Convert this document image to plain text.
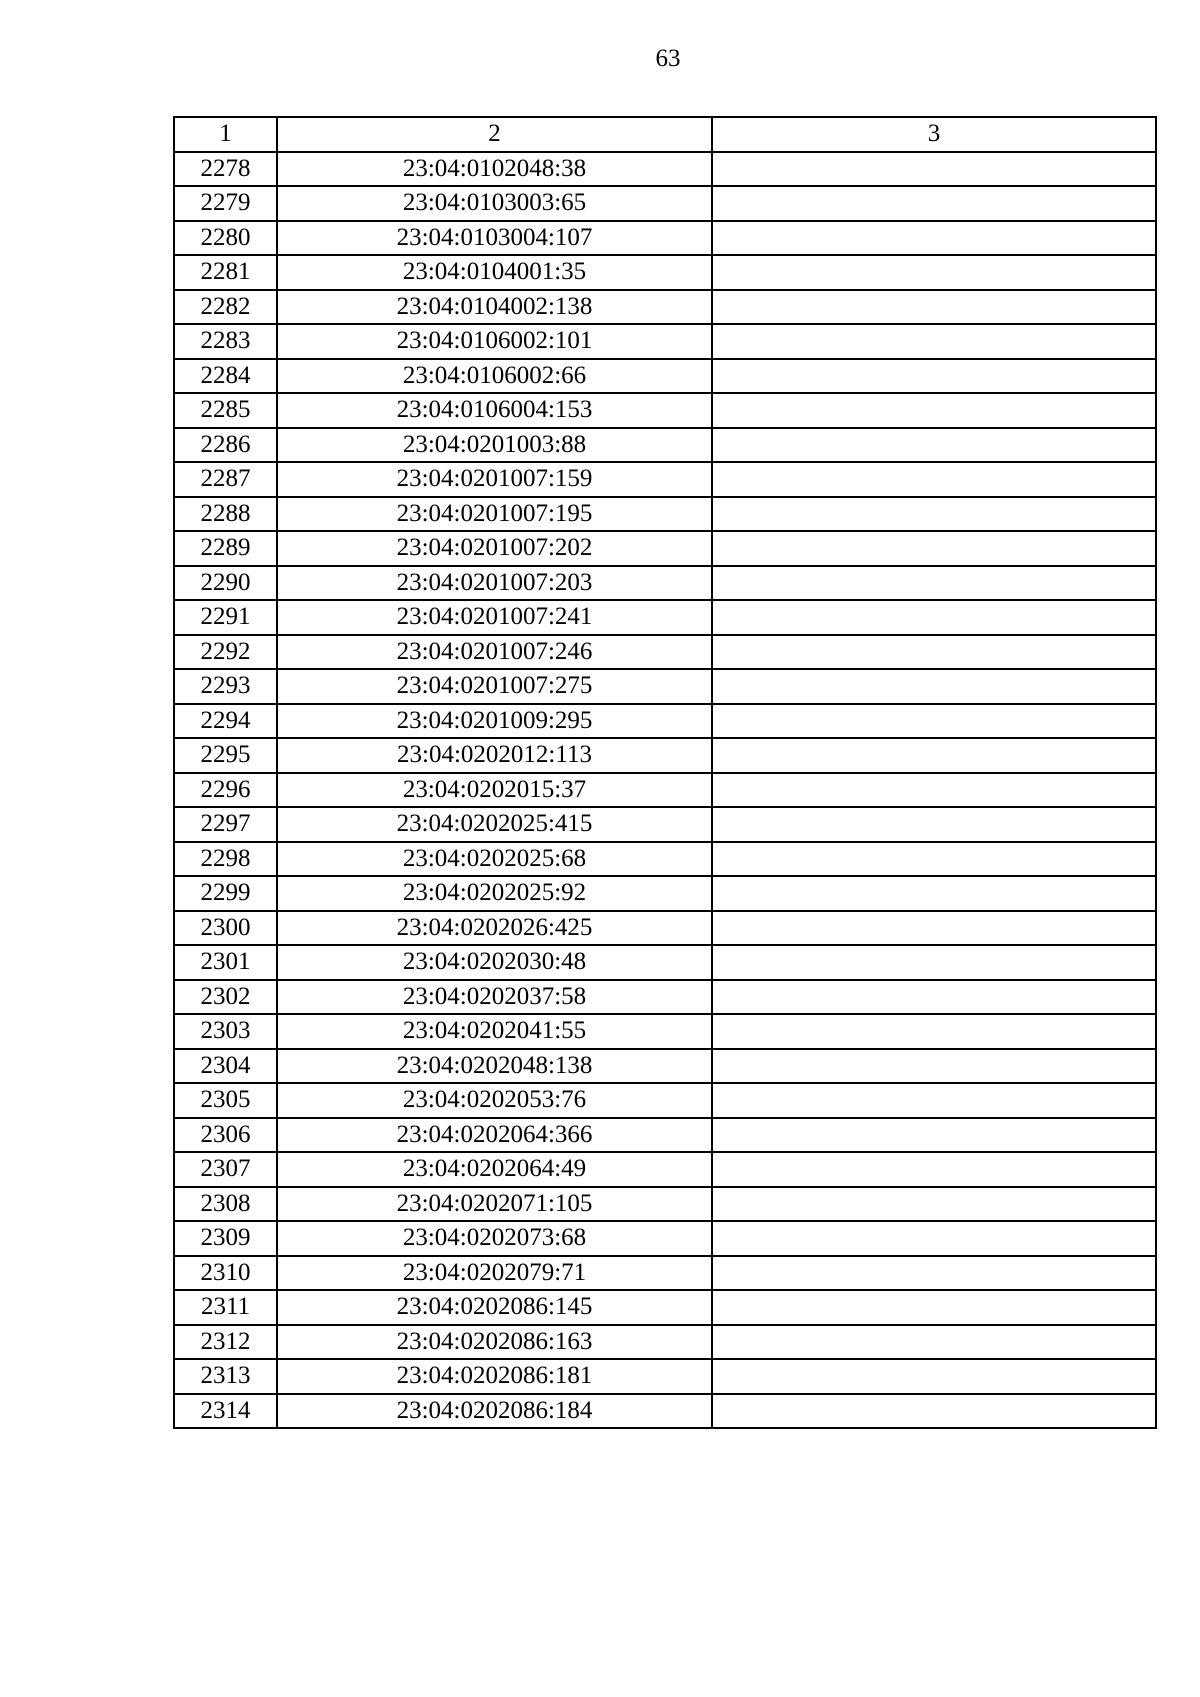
63
1	2	3
2278	23:04:0102048:38	
2279	23:04:0103003:65	
2280	23:04:0103004:107	
2281	23:04:0104001:35	
2282	23:04:0104002:138	
2283	23:04:0106002:101	
2284	23:04:0106002:66	
2285	23:04:0106004:153	
2286	23:04:0201003:88	
2287	23:04:0201007:159	
2288	23:04:0201007:195	
2289	23:04:0201007:202	
2290	23:04:0201007:203	
2291	23:04:0201007:241	
2292	23:04:0201007:246	
2293	23:04:0201007:275	
2294	23:04:0201009:295	
2295	23:04:0202012:113	
2296	23:04:0202015:37	
2297	23:04:0202025:415	
2298	23:04:0202025:68	
2299	23:04:0202025:92	
2300	23:04:0202026:425	
2301	23:04:0202030:48	
2302	23:04:0202037:58	
2303	23:04:0202041:55	
2304	23:04:0202048:138	
2305	23:04:0202053:76	
2306	23:04:0202064:366	
2307	23:04:0202064:49	
2308	23:04:0202071:105	
2309	23:04:0202073:68	
2310	23:04:0202079:71	
2311	23:04:0202086:145	
2312	23:04:0202086:163	
2313	23:04:0202086:181	
2314	23:04:0202086:184	
